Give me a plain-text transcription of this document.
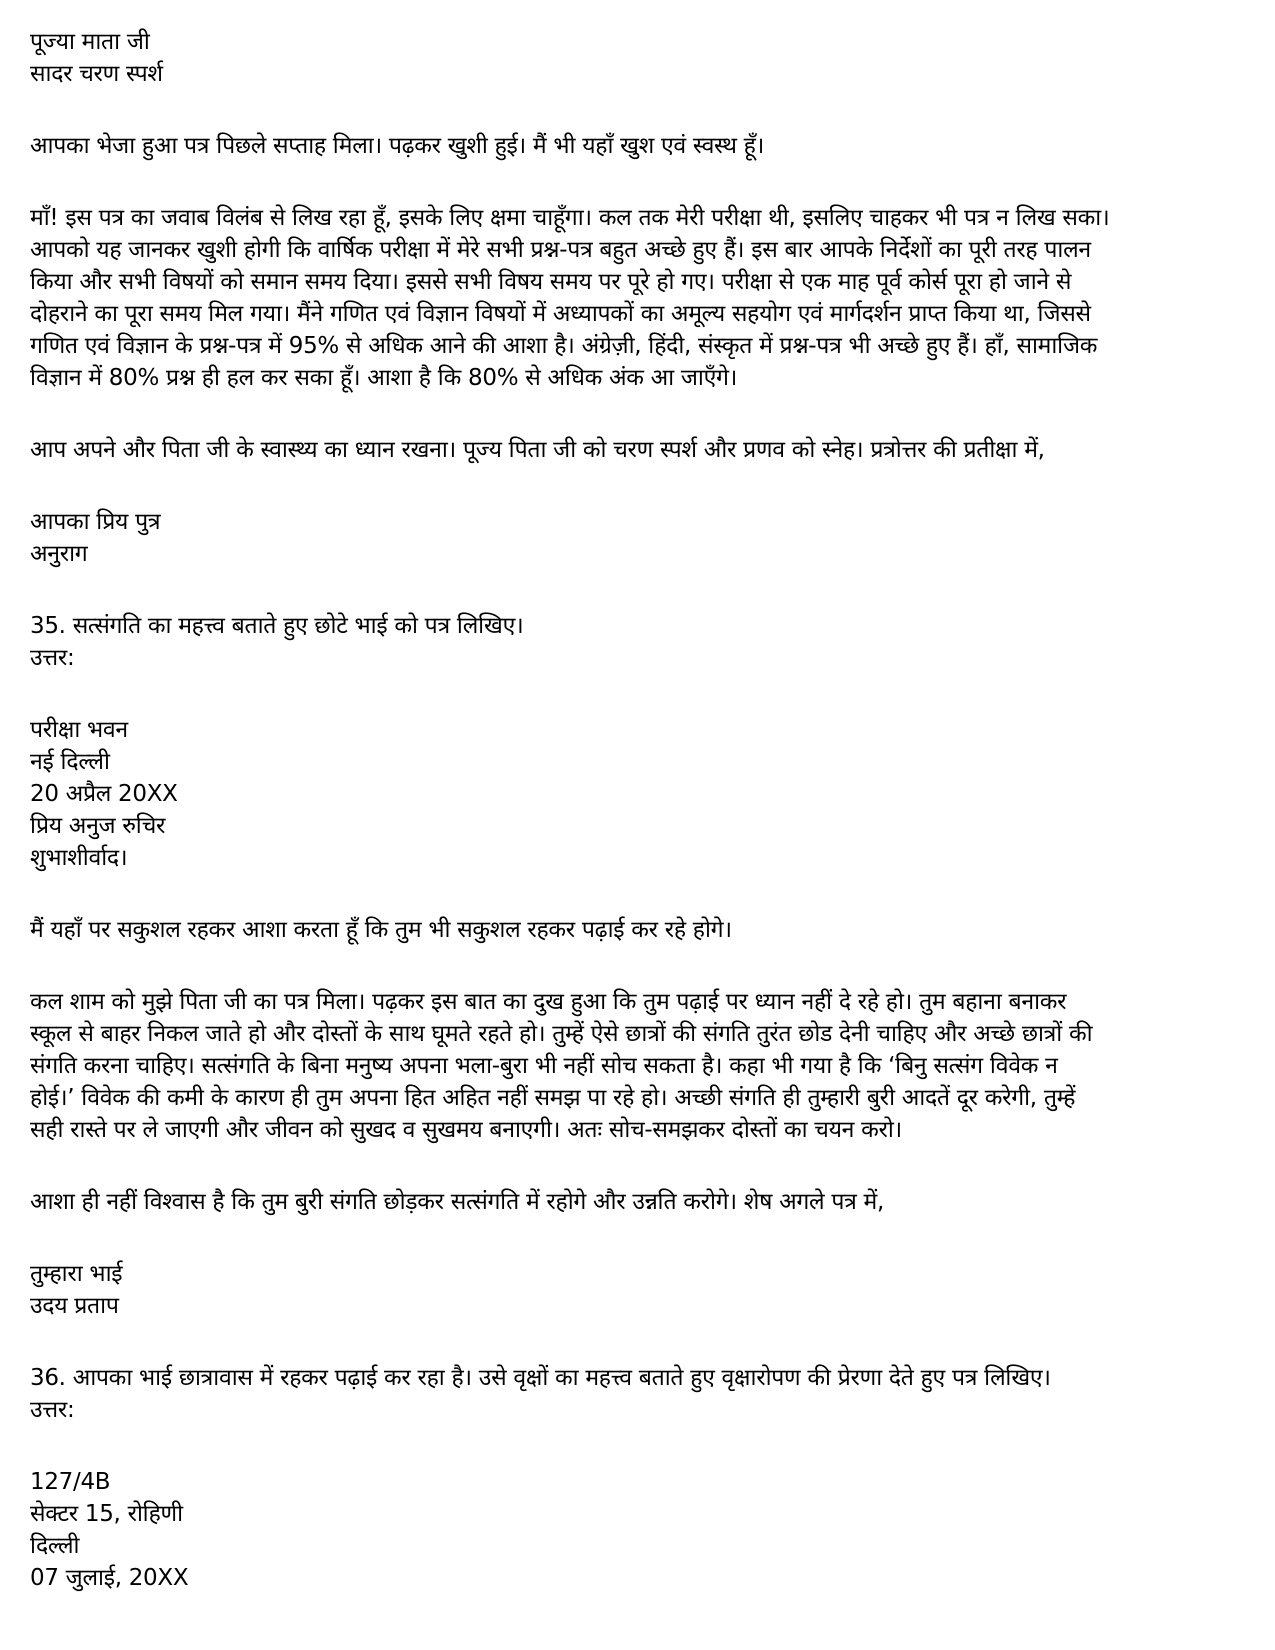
पूज्या माता जी
सादर चरण स्पर्श
आपका भेजा हुआ पत्र पिछले सप्ताह मिला। पढ़कर खुशी हुई। मैं भी यहाँ खुश एवं स्वस्थ हूँ।
माँ! इस पत्र का जवाब विलंब से लिख रहा हूँ, इसके लिए क्षमा चाहूँगा। कल तक मेरी परीक्षा थी, इसलिए चाहकर भी पत्र न लिख सका।
आपको यह जानकर खुशी होगी कि वार्षिक परीक्षा में मेरे सभी प्रश्न-पत्र बहुत अच्छे हुए हैं। इस बार आपके निर्देशों का पूरी तरह पालन
किया और सभी विषयों को समान समय दिया। इससे सभी विषय समय पर पूरे हो गए। परीक्षा से एक माह पूर्व कोर्स पूरा हो जाने से
दोहराने का पूरा समय मिल गया। मैंने गणित एवं विज्ञान विषयों में अध्यापकों का अमूल्य सहयोग एवं मार्गदर्शन प्राप्त किया था, जिससे
गणित एवं विज्ञान के प्रश्न-पत्र में 95% से अधिक आने की आशा है। अंग्रेज़ी, हिंदी, संस्कृत में प्रश्न-पत्र भी अच्छे हुए हैं। हाँ, सामाजिक
विज्ञान में 80% प्रश्न ही हल कर सका हूँ। आशा है कि 80% से अधिक अंक आ जाएँगे।
आप अपने और पिता जी के स्वास्थ्य का ध्यान रखना। पूज्य पिता जी को चरण स्पर्श और प्रणव को स्नेह। प्रत्रोत्तर की प्रतीक्षा में,
आपका प्रिय पुत्र
अनुराग
35. सत्संगति का महत्त्व बताते हुए छोटे भाई को पत्र लिखिए।
उत्तर:
परीक्षा भवन
नई दिल्ली
20 अप्रैल 20XX
प्रिय अनुज रुचिर
शुभाशीर्वाद।
मैं यहाँ पर सकुशल रहकर आशा करता हूँ कि तुम भी सकुशल रहकर पढ़ाई कर रहे होगे।
कल शाम को मुझे पिता जी का पत्र मिला। पढ़कर इस बात का दुख हुआ कि तुम पढ़ाई पर ध्यान नहीं दे रहे हो। तुम बहाना बनाकर
स्कूल से बाहर निकल जाते हो और दोस्तों के साथ घूमते रहते हो। तुम्हें ऐसे छात्रों की संगति तुरंत छोड देनी चाहिए और अच्छे छात्रों की
संगति करना चाहिए। सत्संगति के बिना मनुष्य अपना भला-बुरा भी नहीं सोच सकता है। कहा भी गया है कि ‘बिनु सत्संग विवेक न
होई।’ विवेक की कमी के कारण ही तुम अपना हित अहित नहीं समझ पा रहे हो। अच्छी संगति ही तुम्हारी बुरी आदतें दूर करेगी, तुम्हें
सही रास्ते पर ले जाएगी और जीवन को सुखद व सुखमय बनाएगी। अतः सोच-समझकर दोस्तों का चयन करो।
आशा ही नहीं विश्वास है कि तुम बुरी संगति छोड़कर सत्संगति में रहोगे और उन्नति करोगे। शेष अगले पत्र में,
तुम्हारा भाई
उदय प्रताप
36. आपका भाई छात्रावास में रहकर पढ़ाई कर रहा है। उसे वृक्षों का महत्त्व बताते हुए वृक्षारोपण की प्रेरणा देते हुए पत्र लिखिए।
उत्तर:
127/4B
सेक्टर 15, रोहिणी
दिल्ली
07 जुलाई, 20XX
